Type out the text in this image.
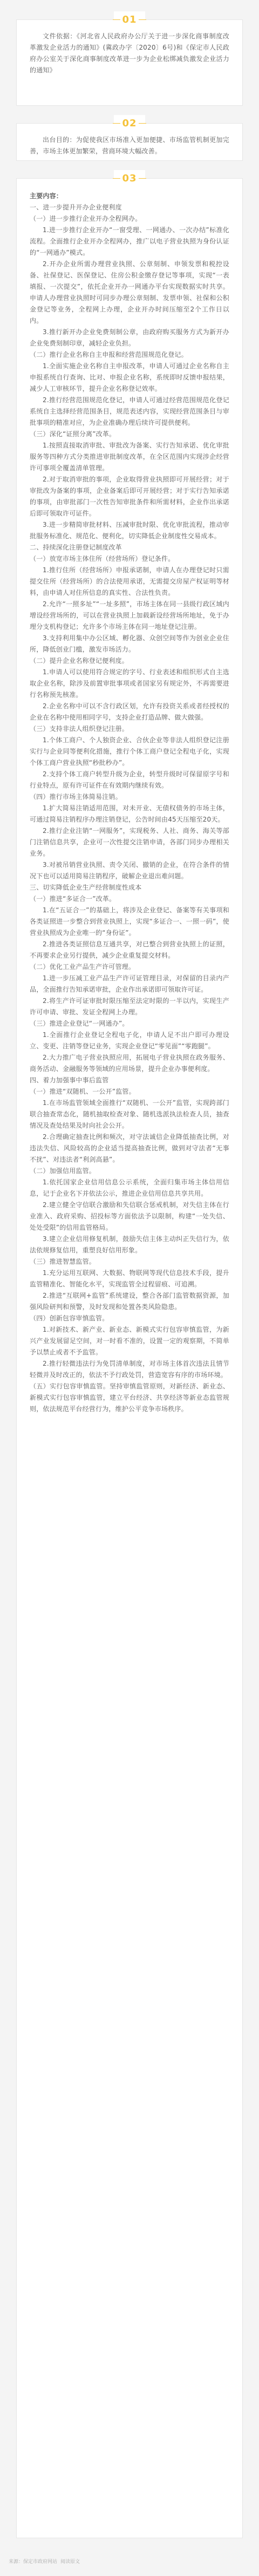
01

文件依据：《河北省人民政府办公厅关于进一步深化商事制度改革激发企业活力的通知》(冀政办字〔2020〕6号)和《保定市人民政府办公室关于深化商事制度改革进一步为企业松绑减负激发企业活力的通知》

02

出台目的：为促使我区市场准入更加便捷、市场监管机制更加完善，市场主体更加繁荣，营商环境大幅改善。

03

主要内容：

一、进一步提升开办企业便利度

（一）进一步推行企业开办全程网办。

1.进一步推行企业开办“一窗受理、一网通办、一次办结”标准化流程。全面推行企业开办全程网办，推广以电子营业执照为身份认证的“一网通办”模式。

2.开办企业所需办理营业执照、公章刻制、申领发票和税控设备、社保登记、医保登记、住房公积金缴存登记等事项，实现“一表填报、一次提交”，依托企业开办一网通办平台实现数据实时共享。申请人办理营业执照时可同步办理公章刻制、发票申领、社保和公积金登记等业务，全程网上办理，企业开办时间压缩至2个工作日以内。

3.推行新开办企业免费刻制公章，由政府购买服务方式为新开办企业免费刻制印章，减轻企业负担。

（二）推行企业名称自主申报和经营范围规范化登记。

1.全面实施企业名称自主申报改革，申请人可通过企业名称自主申报系统自行查询、比对、申报企业名称，系统即时反馈申报结果，减少人工审核环节，提升企业名称登记效率。

2.推行经营范围规范化登记，申请人可通过经营范围规范化登记系统自主选择经营范围条目，规范表述内容，实现经营范围条目与审批事项的精准对应，为企业准确办理后续许可提供便利。

（三）深化“证照分离”改革。

1.按照直接取消审批、审批改为备案、实行告知承诺、优化审批服务等四种方式分类推进审批制度改革，在全区范围内实现涉企经营许可事项全覆盖清单管理。

2.对于取消审批的事项，企业取得营业执照即可开展经营；对于审批改为备案的事项，企业备案后即可开展经营；对于实行告知承诺的事项，由审批部门一次性告知审批条件和所需材料，企业作出承诺后即可领取许可证件。

3.进一步精简审批材料、压减审批时限、优化审批流程，推动审批服务标准化、规范化、便利化，切实降低企业制度性交易成本。

二、持续深化注册登记制度改革

（一）放宽市场主体住所（经营场所）登记条件。

1.推行住所（经营场所）申报承诺制，申请人在办理登记时只需提交住所（经营场所）的合法使用承诺，无需提交房屋产权证明等材料，由申请人对住所信息的真实性、合法性负责。

2.允许“一照多址”“一址多照”，市场主体在同一县级行政区域内增设经营场所的，可以在营业执照上加载新设经营场所地址，免于办理分支机构登记；允许多个市场主体在同一地址登记注册。

3.支持利用集中办公区域、孵化器、众创空间等作为创业企业住所，降低创业门槛，激发市场活力。

（二）提升企业名称登记便利度。

1.申请人可以使用符合规定的字号、行业表述和组织形式自主选取企业名称，除涉及前置审批事项或者国家另有规定外，不再需要进行名称预先核准。

2.企业名称中可以不含行政区划，允许有投资关系或者经授权的企业在名称中使用相同字号，支持企业打造品牌、做大做强。

（三）支持非法人组织登记注册。

1.个体工商户、个人独资企业、合伙企业等非法人组织登记注册实行与企业同等便利化措施，推行个体工商户登记全程电子化，实现个体工商户营业执照“秒批秒办”。

2.支持个体工商户转型升级为企业，转型升级时可保留原字号和行业特点，原有许可证件在有效期内继续有效。

（四）推行市场主体简易注销。

1.扩大简易注销适用范围，对未开业、无债权债务的市场主体，可通过简易注销程序办理注销登记，公告时间由45天压缩至20天。

2.推行企业注销“一网服务”，实现税务、人社、商务、海关等部门注销信息共享，企业可一次性提交注销申请，各部门同步办理相关业务。

3.对被吊销营业执照、责令关闭、撤销的企业，在符合条件的情况下也可以适用简易注销程序，破解企业退出难问题。

三、切实降低企业生产经营制度性成本

（一）推进“多证合一”改革。

1.在“五证合一”的基础上，将涉及企业登记、备案等有关事项和各类证照进一步整合到营业执照上，实现“多证合一、一照一码”，使营业执照成为企业唯一的“身份证”。

2.推进各类证照信息互通共享，对已整合到营业执照上的证照，不再要求企业另行提供，减少企业重复提交材料。

（二）优化工业产品生产许可管理。

1.进一步压减工业产品生产许可证管理目录，对保留的目录内产品，全面推行告知承诺审批，企业作出承诺即可领取许可证。

2.将生产许可证审批时限压缩至法定时限的一半以内，实现生产许可申请、审批、发证全程网上办理。

（三）推进企业登记“一网通办”。

1.全面推行企业登记全程电子化，申请人足不出户即可办理设立、变更、注销等登记业务，实现企业登记“零见面”“零跑腿”。

2.大力推广电子营业执照应用，拓展电子营业执照在政务服务、商务活动、金融服务等领域的应用场景，提升企业办事便利度。

四、着力加强事中事后监管

（一）推进“双随机、一公开”监管。

1.在市场监管领域全面推行“双随机、一公开”监管，实现跨部门联合抽查常态化，随机抽取检查对象、随机选派执法检查人员，抽查情况及查处结果及时向社会公开。

2.合理确定抽查比例和频次，对守法诚信企业降低抽查比例，对违法失信、风险较高的企业适当提高抽查比例，做到对守法者“无事不扰”、对违法者“利剑高悬”。

（二）加强信用监管。

1.依托国家企业信用信息公示系统，全面归集市场主体信用信息，记于企业名下并依法公示，推进企业信用信息共享共用。

2.建立健全守信联合激励和失信联合惩戒机制，对失信主体在行业准入、政府采购、招投标等方面依法予以限制，构建“一处失信、处处受限”的信用监管格局。

3.建立企业信用修复机制，鼓励失信主体主动纠正失信行为，依法依规修复信用，重塑良好信用形象。

（三）推进智慧监管。

1.充分运用互联网、大数据、物联网等现代信息技术手段，提升监管精准化、智能化水平，实现监管全过程留痕、可追溯。

2.推进“互联网+监管”系统建设，整合各部门监管数据资源，加强风险研判和预警，及时发现和处置各类风险隐患。

（四）创新包容审慎监管。

1.对新技术、新产业、新业态、新模式实行包容审慎监管，为新兴产业发展留足空间，对一时看不准的，设置一定的观察期，不简单予以禁止或者不予监管。

2.推行轻微违法行为免罚清单制度，对市场主体首次违法且情节轻微并及时改正的，依法不予行政处罚，营造宽容有序的市场环境。

（五）实行包容审慎监管。坚持审慎监管原则，对新经济、新业态、新模式实行包容审慎监管，建立平台经济、共享经济等新业态监管规则，依法规范平台经营行为，维护公平竞争市场秩序。

来源：保定市政府网站 阅读原文
